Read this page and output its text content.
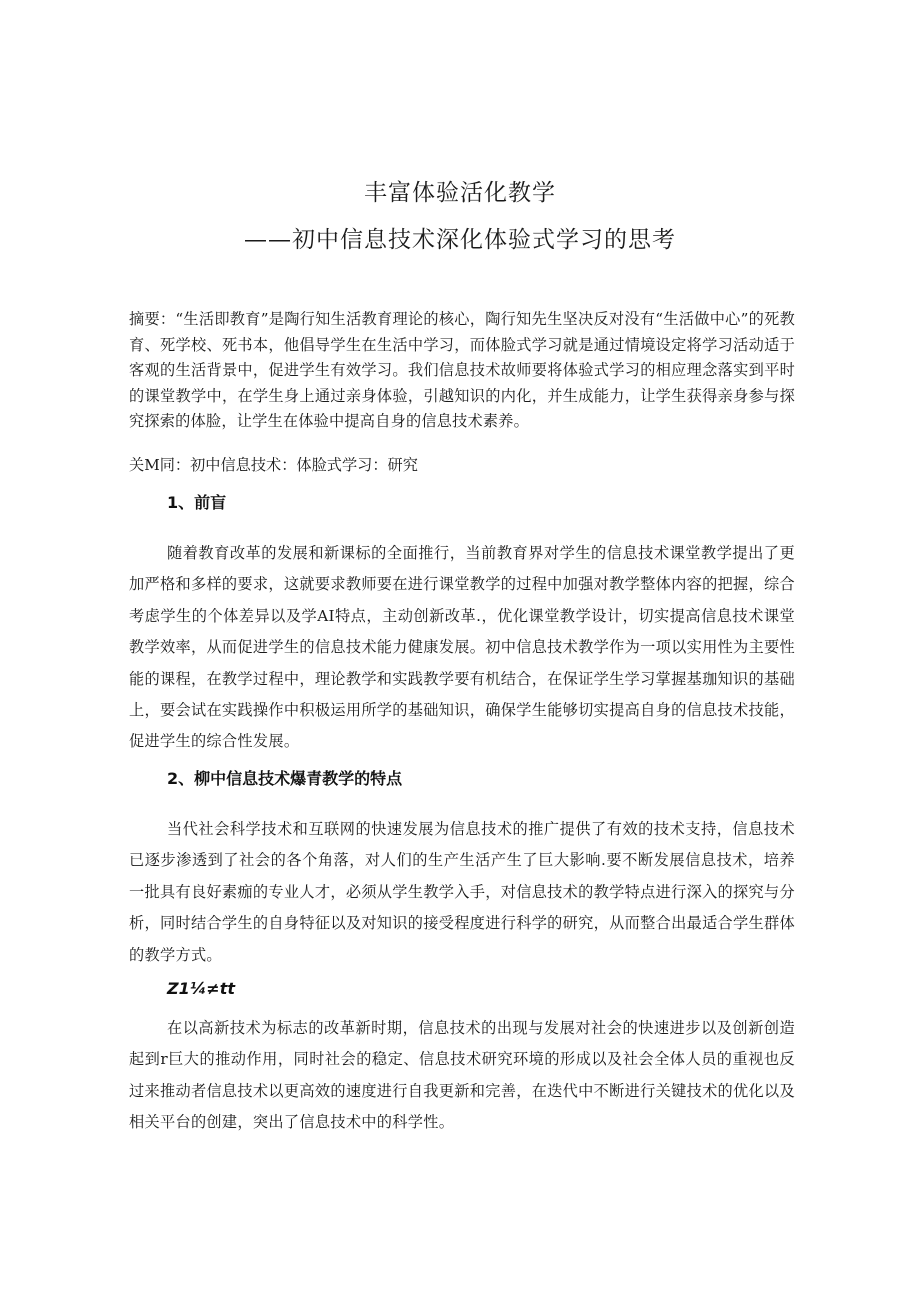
丰富体验活化教学
——初中信息技术深化体验式学习的思考
摘要：“生活即教育”是陶行知生活教育理论的核心，陶行知先生坚决反对没有“生活做中心”的死教育、死学校、死书本，他倡导学生在生活中学习，而体脸式学习就是通过情境设定将学习活动适于客观的生活背景中，促进学生有效学习。我们信息技术故师要将体验式学习的相应理念落实到平时的课堂教学中，在学生身上通过亲身体验，引越知识的内化，并生成能力，让学生获得亲身参与探究探索的体脸，让学生在体验中提高自身的信息技术素养。
关M同：初中信息技术：体脸式学习：研究
1、前盲
随着教育改革的发展和新课标的全面推行，当前教育界对学生的信息技术课堂教学提出了更加严格和多样的要求，这就要求教师要在进行课堂教学的过程中加强对教学整体内容的把握，综合考虑学生的个体差异以及学AI特点，主动创新改革.，优化课堂教学设计，切实提高信息技术课堂教学效率，从而促进学生的信息技术能力健康发展。初中信息技术教学作为一项以实用性为主要性能的课程，在教学过程中，理论教学和实践教学要有机结合，在保证学生学习掌握基珈知识的基础上，要会试在实践操作中积极运用所学的基础知识，确保学生能够切实提高自身的信息技术技能，促进学生的综合性发展。
2、柳中信息技术爆青教学的特点
当代社会科学技术和互联网的快速发展为信息技术的推广提供了有效的技术支持，信息技术已逐步渗透到了社会的各个角落，对人们的生产生活产生了巨大影响.要不断发展信息技术，培养一批具有良好素痂的专业人才，必须从学生教学入手，对信息技术的教学特点进行深入的探究与分析，同时结合学生的自身特征以及对知识的接受程度进行科学的研究，从而整合出最适合学生群体的教学方式。
Z1¼≠tt
在以高新技术为标志的改革新时期，信息技术的出现与发展对社会的快速进步以及创新创造起到r巨大的推动作用，同时社会的稳定、信息技术研究环境的形成以及社会全体人员的重视也反过来推动者信息技术以更高效的速度进行自我更新和完善，在迭代中不断进行关键技术的优化以及相关平台的创建，突出了信息技术中的科学性。
